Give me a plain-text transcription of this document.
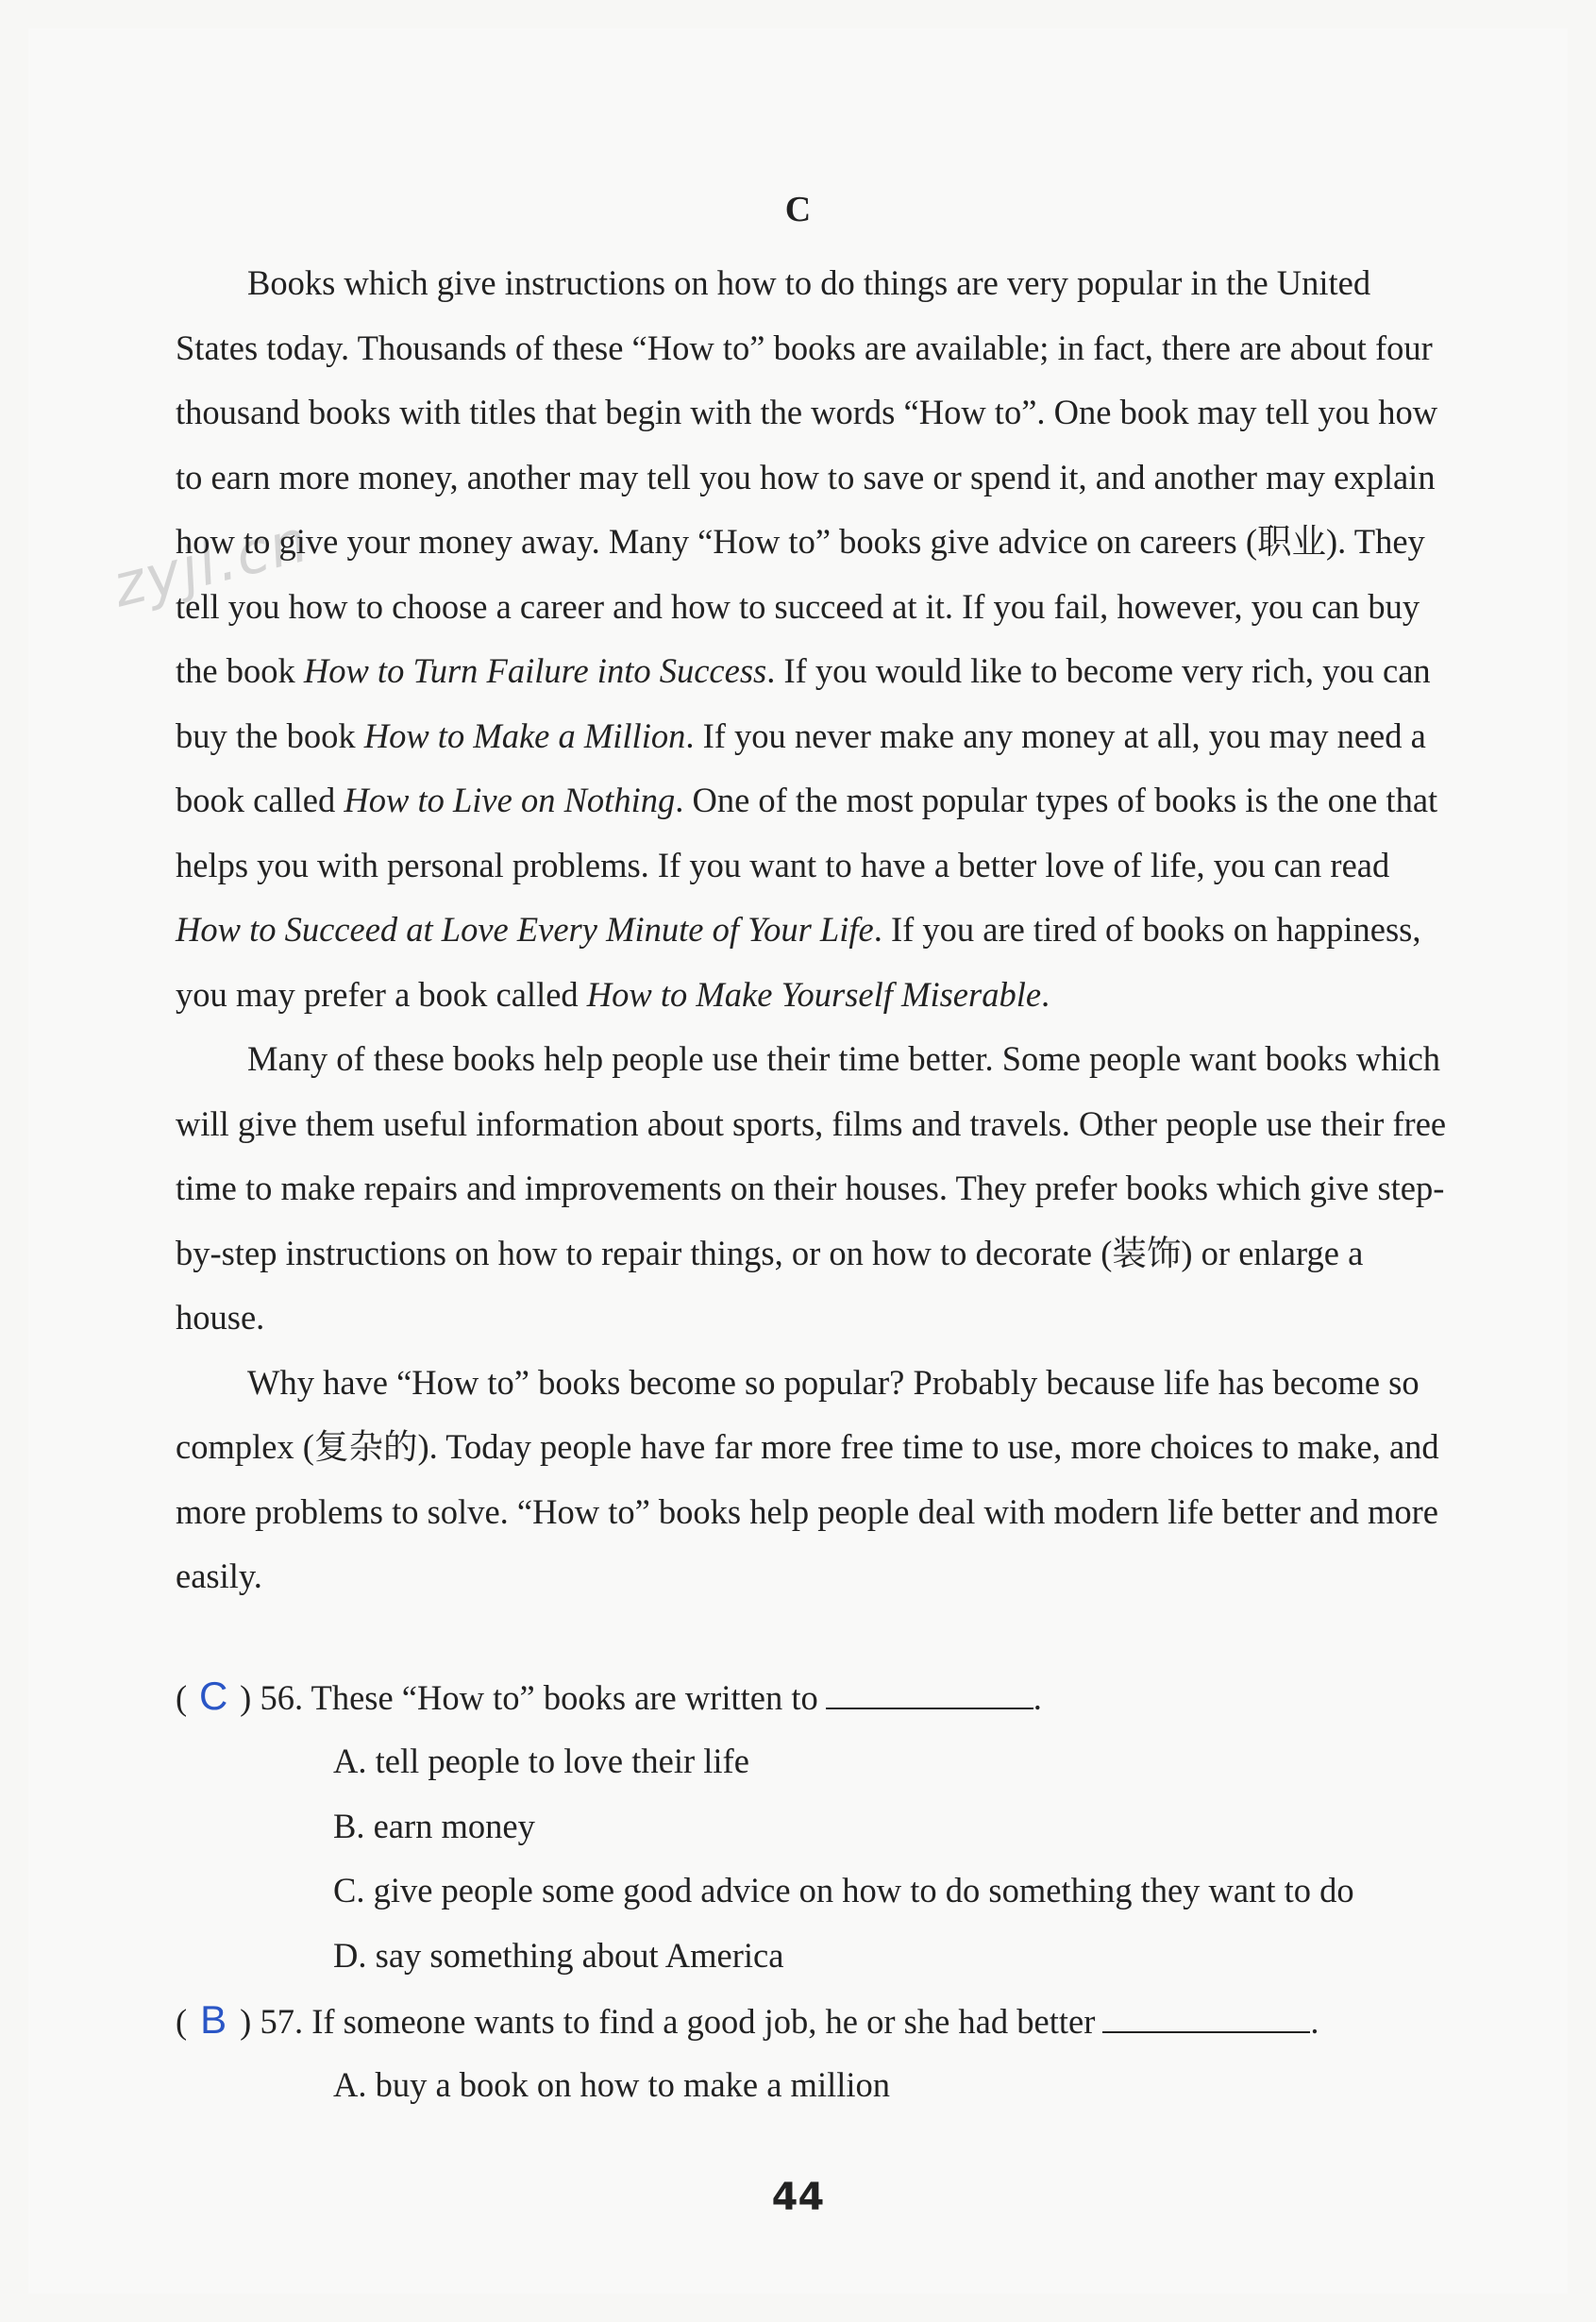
zyjl.cn
C

Books which give instructions on how to do things are very popular in the United States today. Thousands of these “How to” books are available; in fact, there are about four thousand books with titles that begin with the words “How to”. One book may tell you how to earn more money, another may tell you how to save or spend it, and another may explain how to give your money away. Many “How to” books give advice on careers (职业). They tell you how to choose a career and how to succeed at it. If you fail, however, you can buy the book How to Turn Failure into Success. If you would like to become very rich, you can buy the book How to Make a Million. If you never make any money at all, you may need a book called How to Live on Nothing. One of the most popular types of books is the one that helps you with personal problems. If you want to have a better love of life, you can read How to Succeed at Love Every Minute of Your Life. If you are tired of books on happiness, you may prefer a book called How to Make Yourself Miserable.

Many of these books help people use their time better. Some people want books which will give them useful information about sports, films and travels. Other people use their free time to make repairs and improvements on their houses. They prefer books which give step-by-step instructions on how to repair things, or on how to decorate (装饰) or enlarge a house.

Why have “How to” books become so popular? Probably because life has become so complex (复杂的). Today people have far more free time to use, more choices to make, and more problems to solve. “How to” books help people deal with modern life better and more easily.

( C ) 56. These “How to” books are written to	.
A. tell people to love their life
B. earn money
C. give people some good advice on how to do something they want to do
D. say something about America
( B ) 57. If someone wants to find a good job, he or she had better	.
A. buy a book on how to make a million
44
